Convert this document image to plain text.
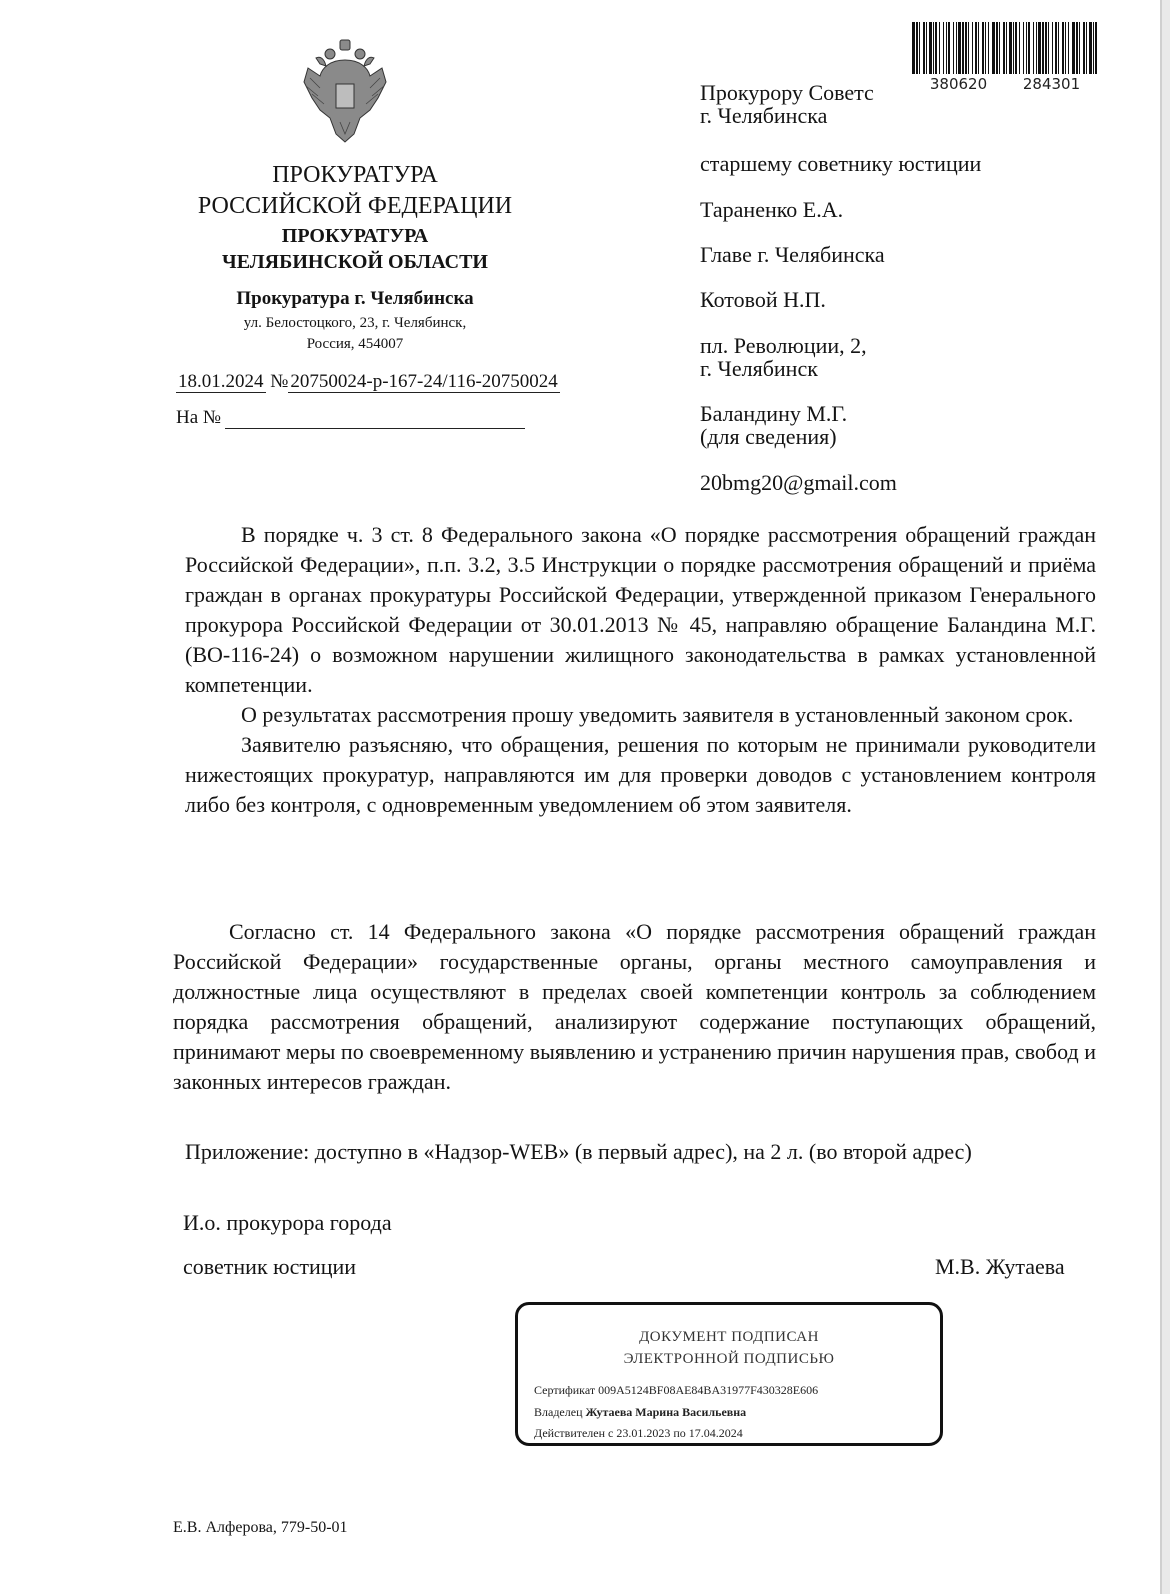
ПРОКУРАТУРА
РОССИЙСКОЙ ФЕДЕРАЦИИ
ПРОКУРАТУРА
ЧЕЛЯБИНСКОЙ ОБЛАСТИ
Прокуратура г. Челябинска
ул. Белостоцкого, 23, г. Челябинск,
Россия, 454007
18.01.2024 № 20750024-р-167-24/116-20750024
На №
380620 284301
Прокурору Советс
г. Челябинска
старшему советнику юстиции
Тараненко Е.А.
Главе г. Челябинска
Котовой Н.П.
пл. Революции, 2,
г. Челябинск
Баландину М.Г.
(для сведения)
20bmg20@gmail.com

В порядке ч. 3 ст. 8 Федерального закона «О порядке рассмотрения обращений граждан Российской Федерации», п.п. 3.2, 3.5 Инструкции о порядке рассмотрения обращений и приёма граждан в органах прокуратуры Российской Федерации, утвержденной приказом Генерального прокурора Российской Федерации от 30.01.2013 № 45, направляю обращение Баландина М.Г. (ВО-116-24) о возможном нарушении жилищного законодательства в рамках установленной компетенции.

О результатах рассмотрения прошу уведомить заявителя в установленный законом срок.

Заявителю разъясняю, что обращения, решения по которым не принимали руководители нижестоящих прокуратур, направляются им для проверки доводов с установлением контроля либо без контроля, с одновременным уведомлением об этом заявителя.

Согласно ст. 14 Федерального закона «О порядке рассмотрения обращений граждан Российской Федерации» государственные органы, органы местного самоуправления и должностные лица осуществляют в пределах своей компетенции контроль за соблюдением порядка рассмотрения обращений, анализируют содержание поступающих обращений, принимают меры по своевременному выявлению и устранению причин нарушения прав, свобод и законных интересов граждан.

Приложение: доступно в «Надзор-WEB» (в первый адрес), на 2 л. (во второй адрес)
И.о. прокурора города
советник юстиции	М.В. Жутаева
ДОКУМЕНТ ПОДПИСАН
ЭЛЕКТРОННОЙ ПОДПИСЬЮ
Сертификат 009A5124BF08AE84BA31977F430328E606
Владелец Жутаева Марина Васильевна
Действителен с 23.01.2023 по 17.04.2024
Е.В. Алферова, 779-50-01
